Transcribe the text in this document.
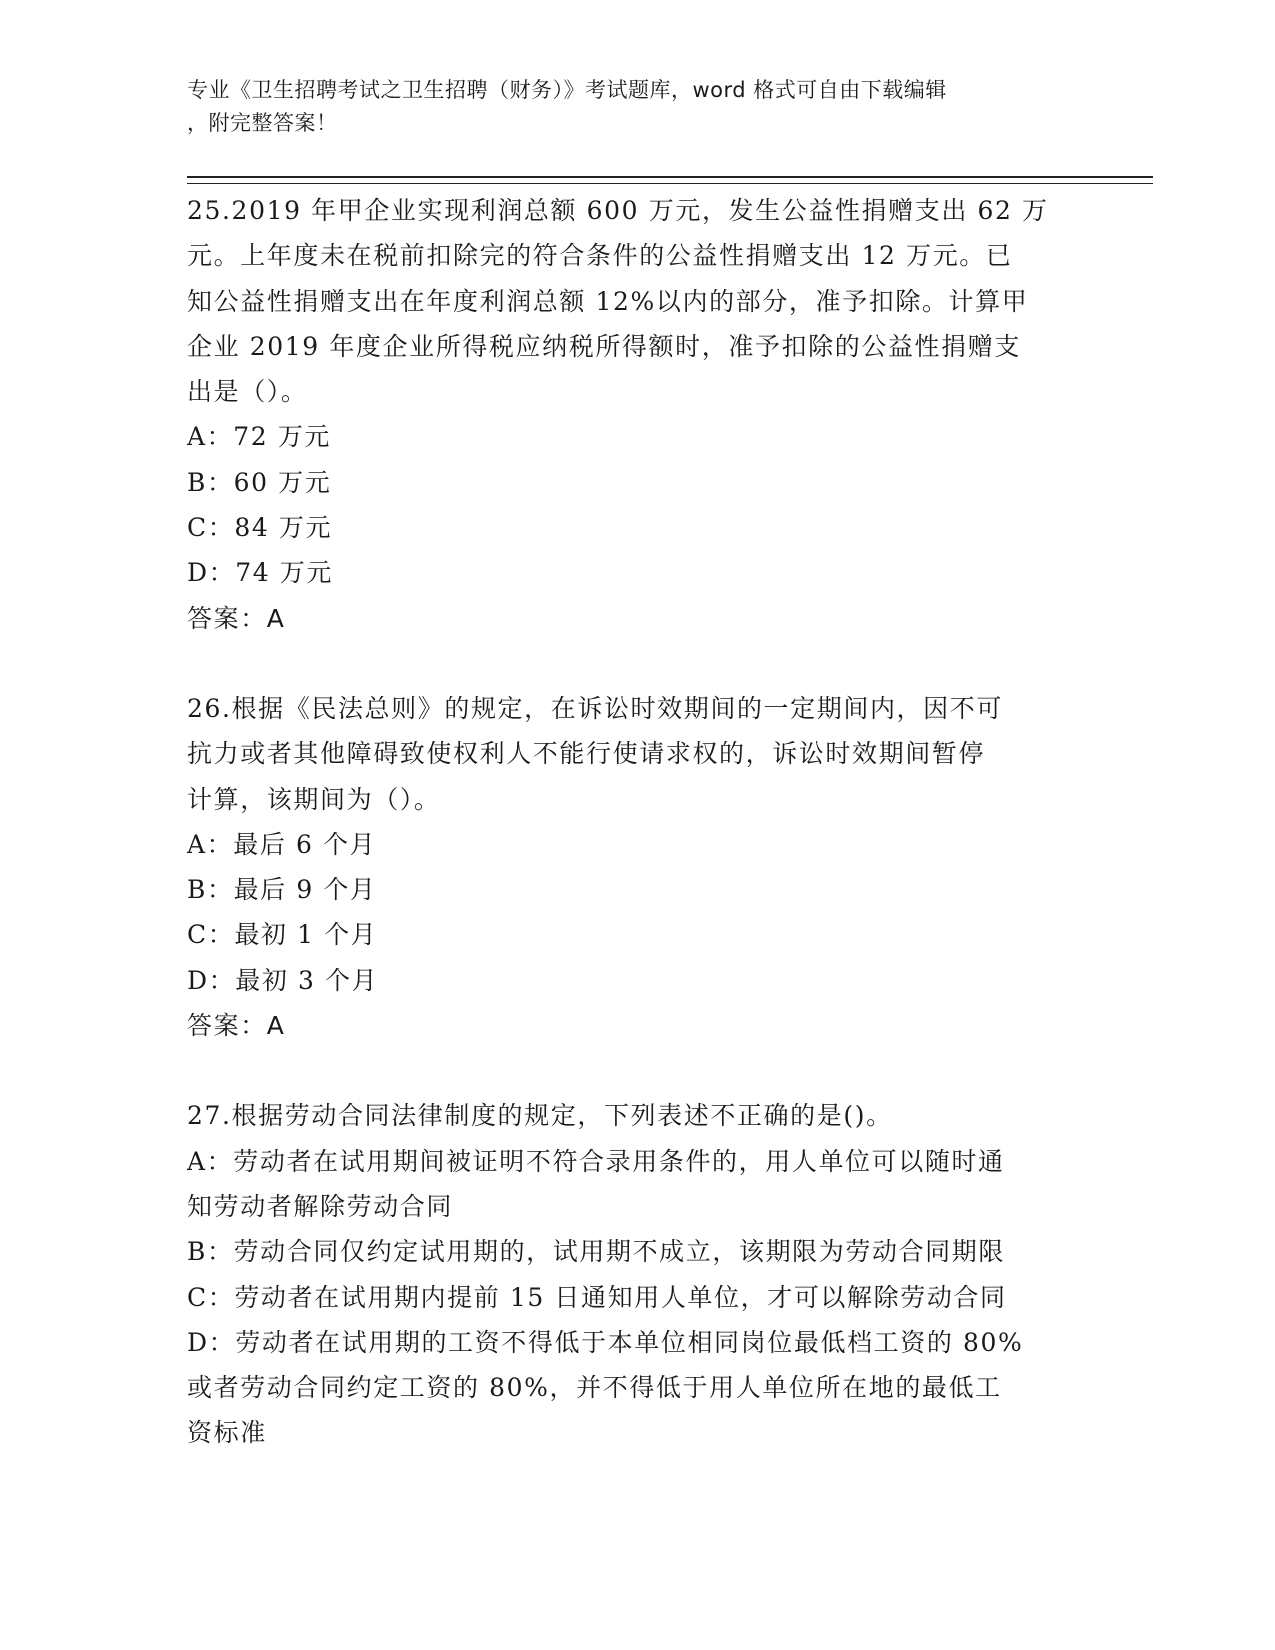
专业《卫生招聘考试之卫生招聘（财务）》考试题库，word 格式可自由下载编辑
，附完整答案！

25.2019 年甲企业实现利润总额 600 万元，发生公益性捐赠支出 62 万

元。上年度未在税前扣除完的符合条件的公益性捐赠支出 12 万元。已

知公益性捐赠支出在年度利润总额 12%以内的部分，准予扣除。计算甲

企业 2019 年度企业所得税应纳税所得额时，准予扣除的公益性捐赠支

出是（）。

A：72 万元

B：60 万元

C：84 万元

D：74 万元

答案：A

26.根据《民法总则》的规定，在诉讼时效期间的一定期间内，因不可

抗力或者其他障碍致使权利人不能行使请求权的，诉讼时效期间暂停

计算，该期间为（）。

A：最后 6 个月

B：最后 9 个月

C：最初 1 个月

D：最初 3 个月

答案：A

27.根据劳动合同法律制度的规定，下列表述不正确的是()。

A：劳动者在试用期间被证明不符合录用条件的，用人单位可以随时通

知劳动者解除劳动合同

B：劳动合同仅约定试用期的，试用期不成立，该期限为劳动合同期限

C：劳动者在试用期内提前 15 日通知用人单位，才可以解除劳动合同

D：劳动者在试用期的工资不得低于本单位相同岗位最低档工资的 80%

或者劳动合同约定工资的 80%，并不得低于用人单位所在地的最低工

资标准
